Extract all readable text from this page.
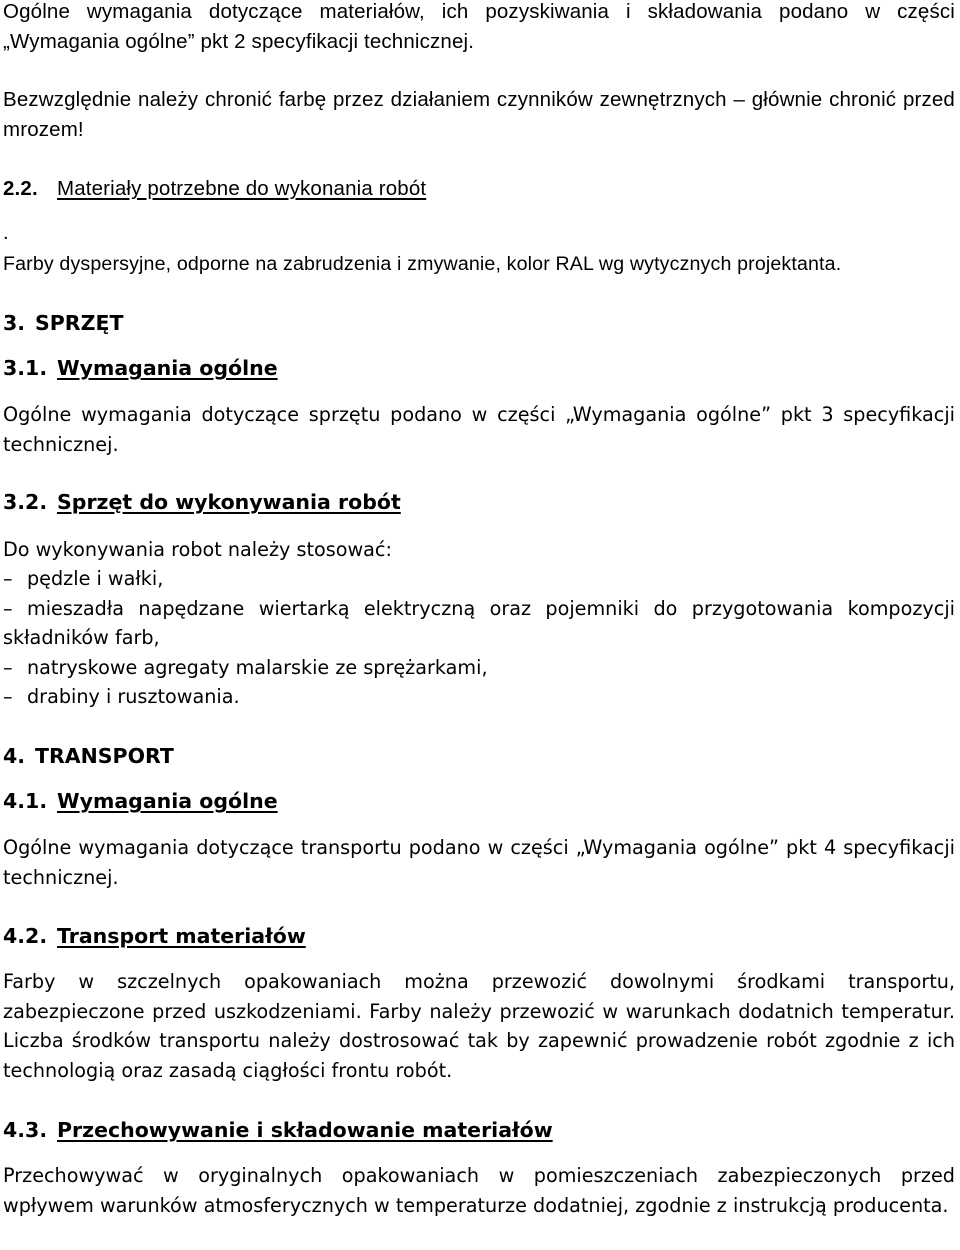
Ogólne wymagania dotyczące materiałów, ich pozyskiwania i składowania podano w części „Wymagania ogólne” pkt 2 specyfikacji technicznej.

Bezwzględnie należy chronić farbę przez działaniem czynników zewnętrznych – głównie chronić przed mrozem!

2.2. Materiały potrzebne do wykonania robót

.

Farby dyspersyjne, odporne na zabrudzenia i zmywanie, kolor RAL wg wytycznych projektanta.

3. SPRZĘT

3.1. Wymagania ogólne

Ogólne wymagania dotyczące sprzętu podano w części „Wymagania ogólne” pkt 3 specyfikacji technicznej.

3.2. Sprzęt do wykonywania robót

Do wykonywania robot należy stosować:

– pędzle i wałki,

– mieszadła napędzane wiertarką elektryczną oraz pojemniki do przygotowania kompozycji składników farb,

– natryskowe agregaty malarskie ze sprężarkami,

– drabiny i rusztowania.

4. TRANSPORT

4.1. Wymagania ogólne

Ogólne wymagania dotyczące transportu podano w części „Wymagania ogólne” pkt 4 specyfikacji technicznej.

4.2. Transport materiałów

Farby w szczelnych opakowaniach można przewozić dowolnymi środkami transportu, zabezpieczone przed uszkodzeniami. Farby należy przewozić w warunkach dodatnich temperatur. Liczba środków transportu należy dostrosować tak by zapewnić prowadzenie robót zgodnie z ich technologią oraz zasadą ciągłości frontu robót.

4.3. Przechowywanie i składowanie materiałów

Przechowywać w oryginalnych opakowaniach w pomieszczeniach zabezpieczonych przed wpływem warunków atmosferycznych w temperaturze dodatniej, zgodnie z instrukcją producenta.
